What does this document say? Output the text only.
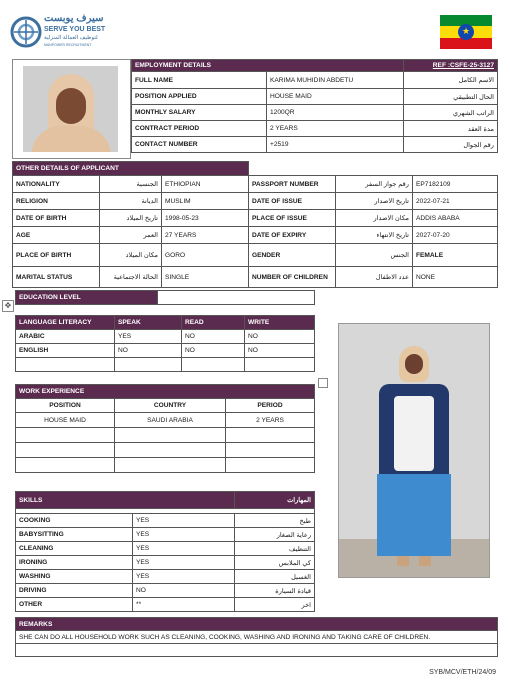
سيرف يوبست
SERVE YOU BEST
لتوظيف العمالة المنزلية
MANPOWER RECRUITMENT
★
EMPLOYMENT DETAILS		REF :CSFE-25-3127
FULL NAME	KARIMA MUHIDIN ABDETU	الاسم الكامل
POSITION APPLIED	HOUSE MAID	الحال التطبيقي
MONTHLY SALARY	1200QR	الراتب الشهري
CONTRACT PERIOD	2 YEARS	مدة العقد
CONTACT NUMBER	+2519	رقم الجوال
OTHER DETAILS OF APPLICANT					
NATIONALITY	الجنسية	ETHIOPIAN	PASSPORT NUMBER	رقم جواز السفر	EP7182109
RELIGION	الديانة	MUSLIM	DATE OF ISSUE	تاريخ الاصدار	2022-07-21
DATE OF BIRTH	تاريخ الميلاد	1998-05-23	PLACE OF ISSUE	مكان الاصدار	ADDIS ABABA
AGE	العمر	27 YEARS	DATE OF EXPIRY	تاريخ الانتهاء	2027-07-20
PLACE OF BIRTH	مكان الميلاد	GORO	GENDER	الجنس	FEMALE
MARITAL STATUS	الحالة الاجتماعية	SINGLE	NUMBER OF CHILDREN	عدد الاطفال	NONE
✥
EDUCATION LEVEL	
LANGUAGE LITERACY	SPEAK	READ	WRITE
ARABIC	YES	NO	NO
ENGLISH	NO	NO	NO

WORK EXPERIENCE		
POSITION	COUNTRY	PERIOD
HOUSE MAID	SAUDI ARABIA	2 YEARS

SKILLS		المهارات

COOKING	YES	طبخ
BABYSITTING	YES	رعاية الصغار
CLEANING	YES	التنظيف
IRONING	YES	كي الملابس
WASHING	YES	الغسيل
DRIVING	NO	قيادة السيارة
OTHER	**	اخر
REMARKS
SHE CAN DO ALL HOUSEHOLD WORK SUCH AS CLEANING, COOKING, WASHING AND IRONING AND TAKING CARE OF CHILDREN.

SYB/MCV/ETH/24/09
